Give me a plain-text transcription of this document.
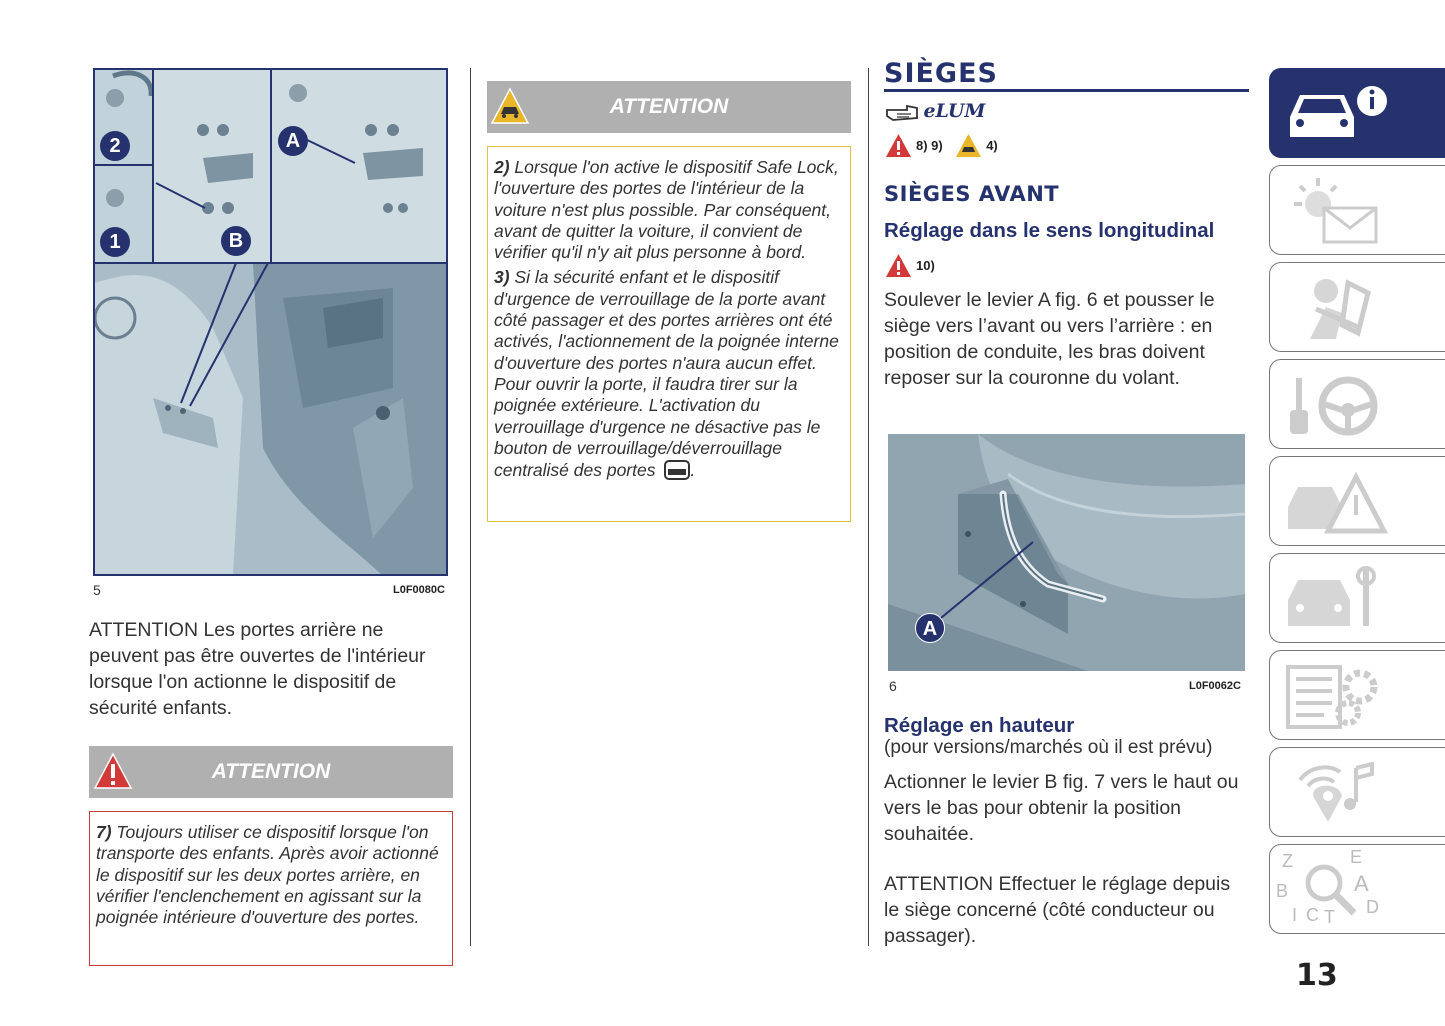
2
1
A
B
5	L0F0080C
ATTENTION Les portes arrière ne peuvent pas être ouvertes de l'intérieur lorsque l'on actionne le dispositif de sécurité enfants.
ATTENTION
7) Toujours utiliser ce dispositif lorsque l'on transporte des enfants. Après avoir actionné le dispositif sur les deux portes arrière, en vérifier l'enclenchement en agissant sur la poignée intérieure d'ouverture des portes.
ATTENTION
2) Lorsque l'on active le dispositif Safe Lock, l'ouverture des portes de l'intérieur de la voiture n'est plus possible. Par conséquent, avant de quitter la voiture, il convient de vérifier qu'il n'y ait plus personne à bord.
3) Si la sécurité enfant et le dispositif d'urgence de verrouillage de la porte avant côté passager et des portes arrières ont été activés, l'actionnement de la poignée interne d'ouverture des portes n'aura aucun effet. Pour ouvrir la porte, il faudra tirer sur la poignée extérieure. L'activation du verrouillage d'urgence ne désactive pas le bouton de verrouillage/déverrouillage centralisé des portes .
SIÈGES
eLUM
8) 9)	4)
SIÈGES AVANT
Réglage dans le sens longitudinal
10)
Soulever le levier A fig. 6 et pousser le siège vers l’avant ou vers l’arrière : en position de conduite, les bras doivent reposer sur la couronne du volant.
A
6	L0F0062C
Réglage en hauteur
(pour versions/marchés où il est prévu)
Actionner le levier B fig. 7 vers le haut ou vers le bas pour obtenir la position souhaitée.
ATTENTION Effectuer le réglage depuis le siège concerné (côté conducteur ou passager).
Z	E
B	A
I C T D
13
